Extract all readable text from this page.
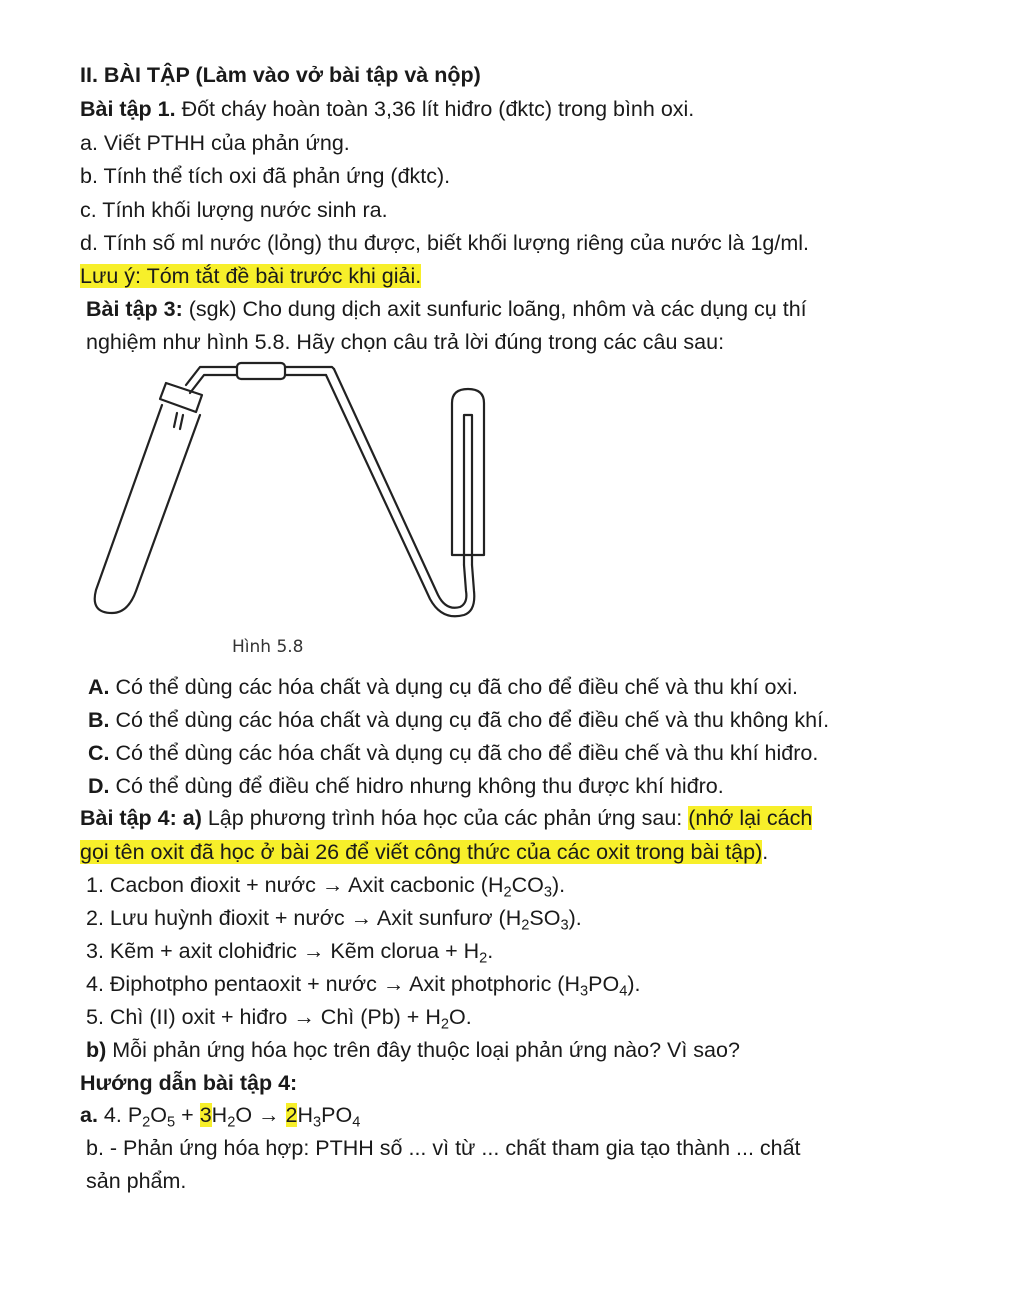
II. BÀI TẬP (Làm vào vở bài tập và nộp)
Bài tập 1. Đốt cháy hoàn toàn 3,36 lít hiđro (đktc) trong bình oxi.
a. Viết PTHH của phản ứng.
b. Tính thể tích oxi đã phản ứng (đktc).
c. Tính khối lượng nước sinh ra.
d. Tính số ml nước (lỏng) thu được, biết khối lượng riêng của nước là 1g/ml.
Lưu ý: Tóm tắt đề bài trước khi giải.
Bài tập 3: (sgk) Cho dung dịch axit sunfuric loãng, nhôm và các dụng cụ thí
nghiệm như hình 5.8. Hãy chọn câu trả lời đúng trong các câu sau:
Hình 5.8
A. Có thể dùng các hóa chất và dụng cụ đã cho để điều chế và thu khí oxi.
B. Có thể dùng các hóa chất và dụng cụ đã cho để điều chế và thu không khí.
C. Có thể dùng các hóa chất và dụng cụ đã cho để điều chế và thu khí hiđro.
D. Có thể dùng để điều chế hidro nhưng không thu được khí hiđro.
Bài tập 4: a) Lập phương trình hóa học của các phản ứng sau: (nhớ lại cách
gọi tên oxit đã học ở bài 26 để viết công thức của các oxit trong bài tập).
1. Cacbon đioxit + nước → Axit cacbonic $(H_2CO_3)$.
2. Lưu huỳnh đioxit + nước → Axit sunfurơ $(H_2SO_3)$.
3. Kẽm + axit clohiđric → Kẽm clorua + $H_2$.
4. Điphotpho pentaoxit + nước → Axit photphoric $(H_3PO_4)$.
5. Chì (II) oxit + hiđro → Chì $(Pb) + H_2O$.
b) Mỗi phản ứng hóa học trên đây thuộc loại phản ứng nào? Vì sao?
Hướng dẫn bài tập 4:
a. 4. $P_2O_5 + 3H_2O \to 2H_3PO_4$
b. - Phản ứng hóa hợp: PTHH số ... vì từ ... chất tham gia tạo thành ... chất
sản phẩm.
